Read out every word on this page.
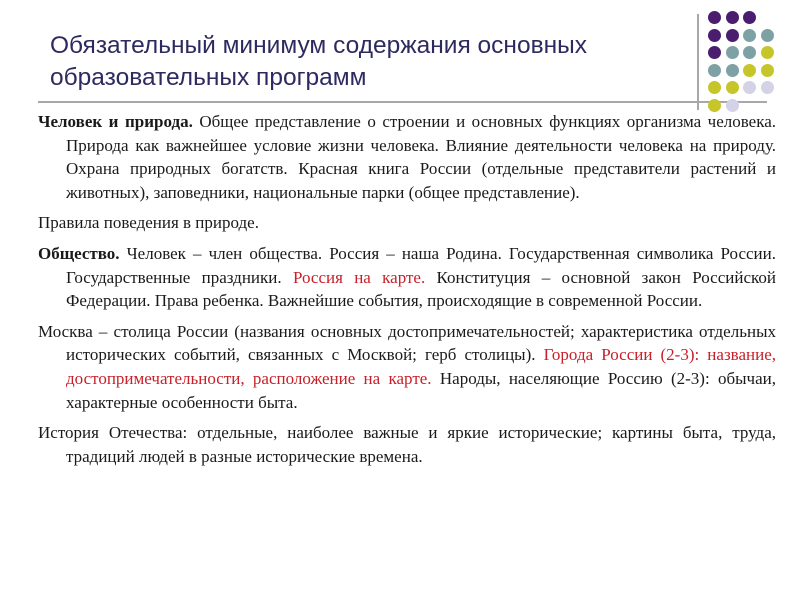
Обязательный минимум содержания основных образовательных программ

Человек и природа. Общее представление о строении и основных функциях организма человека. Природа как важнейшее условие жизни человека. Влияние деятельности человека на природу. Охрана природных богатств. Красная книга России (отдельные представители растений и животных), заповедники, национальные парки (общее представление).

Правила поведения в природе.

Общество. Человек – член общества. Россия – наша Родина. Государственная символика России. Государственные праздники. Россия на карте. Конституция – основной закон Российской Федерации. Права ребенка. Важнейшие события, происходящие в современной России.

Москва – столица России (названия основных достопримечательностей; характеристика отдельных исторических событий, связанных с Москвой; герб столицы). Города России (2-3): название, достопримечательности, расположение на карте. Народы, населяющие Россию (2-3): обычаи, характерные особенности быта.

История Отечества: отдельные, наиболее важные и яркие исторические; картины быта, труда, традиций людей в разные исторические времена.
